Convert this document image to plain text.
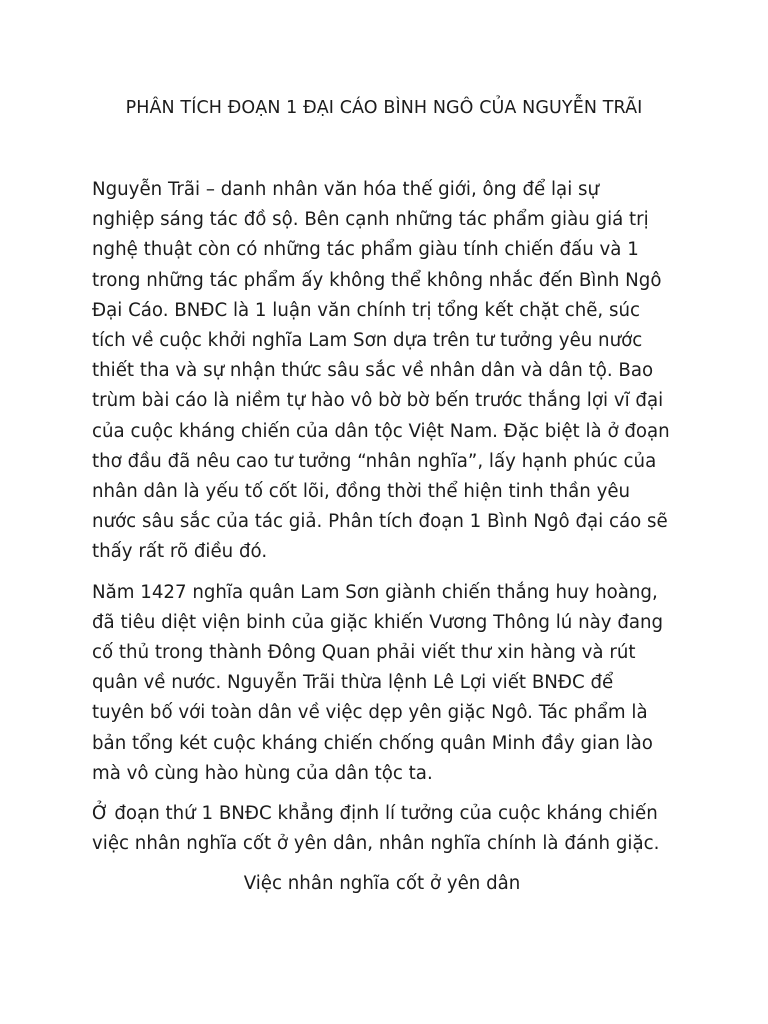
PHÂN TÍCH ĐOẠN 1 ĐẠI CÁO BÌNH NGÔ CỦA NGUYỄN TRÃI
Nguyễn Trãi – danh nhân văn hóa thế giới, ông để lại sự
nghiệp sáng tác đồ sộ. Bên cạnh những tác phẩm giàu giá trị
nghệ thuật còn có những tác phẩm giàu tính chiến đấu và 1
trong những tác phẩm ấy không thể không nhắc đến Bình Ngô
Đại Cáo. BNĐC là 1 luận văn chính trị tổng kết chặt chẽ, súc
tích về cuộc khởi nghĩa Lam Sơn dựa trên tư tưởng yêu nước
thiết tha và sự nhận thức sâu sắc về nhân dân và dân tộ. Bao
trùm bài cáo là niềm tự hào vô bờ bờ bến trước thắng lợi vĩ đại
của cuộc kháng chiến của dân tộc Việt Nam. Đặc biệt là ở đoạn
thơ đầu đã nêu cao tư tưởng “nhân nghĩa”, lấy hạnh phúc của
nhân dân là yếu tố cốt lõi, đồng thời thể hiện tinh thần yêu
nước sâu sắc của tác giả. Phân tích đoạn 1 Bình Ngô đại cáo sẽ
thấy rất rõ điều đó.
Năm 1427 nghĩa quân Lam Sơn giành chiến thắng huy hoàng,
đã tiêu diệt viện binh của giặc khiến Vương Thông lú này đang
cố thủ trong thành Đông Quan phải viết thư xin hàng và rút
quân về nước. Nguyễn Trãi thừa lệnh Lê Lợi viết BNĐC để
tuyên bố với toàn dân về việc dẹp yên giặc Ngô. Tác phẩm là
bản tổng két cuộc kháng chiến chống quân Minh đầy gian lào
mà vô cùng hào hùng của dân tộc ta.
Ở đoạn thứ 1 BNĐC khẳng định lí tưởng của cuộc kháng chiến
việc nhân nghĩa cốt ở yên dân, nhân nghĩa chính là đánh giặc.
Việc nhân nghĩa cốt ở yên dân
